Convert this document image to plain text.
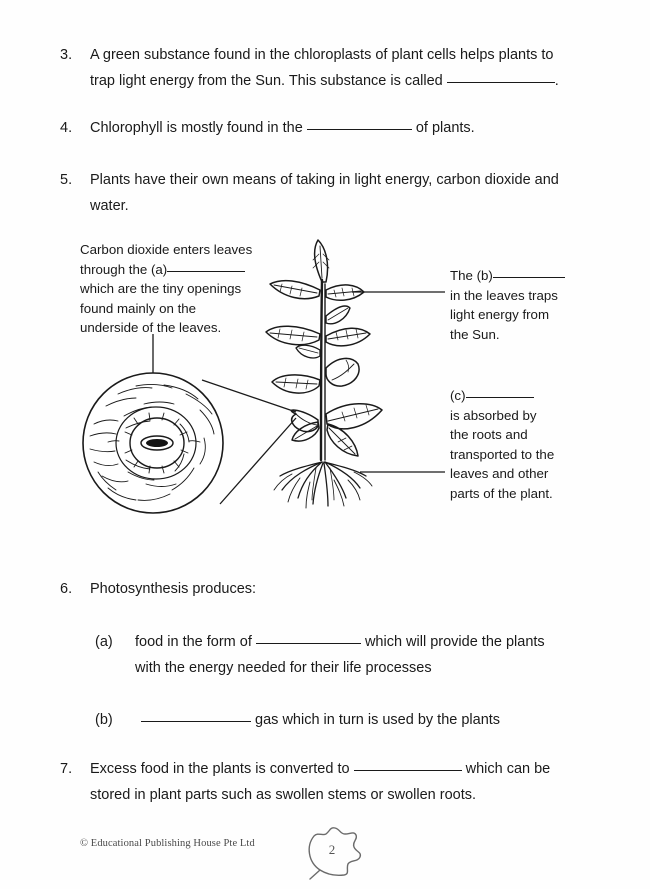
3.	A green substance found in the chloroplasts of plant cells helps plants to
trap light energy from the Sun. This substance is called	.
4.	Chlorophyll is mostly found in the	of plants.
5.	Plants have their own means of taking in light energy, carbon dioxide and
water.
Carbon dioxide enters leaves
through the (a)
which are the tiny openings
found mainly on the
underside of the leaves.
The (b)
in the leaves traps
light energy from
the Sun.
(c)
is absorbed by
the roots and
transported to the
leaves and other
parts of the plant.
6.	Photosynthesis produces:
(a)	food in the form of	which will provide the plants
with the energy needed for their life processes
(b)	gas which in turn is used by the plants
7.	Excess food in the plants is converted to	which can be
stored in plant parts such as swollen stems or swollen roots.
© Educational Publishing House Pte Ltd	2
